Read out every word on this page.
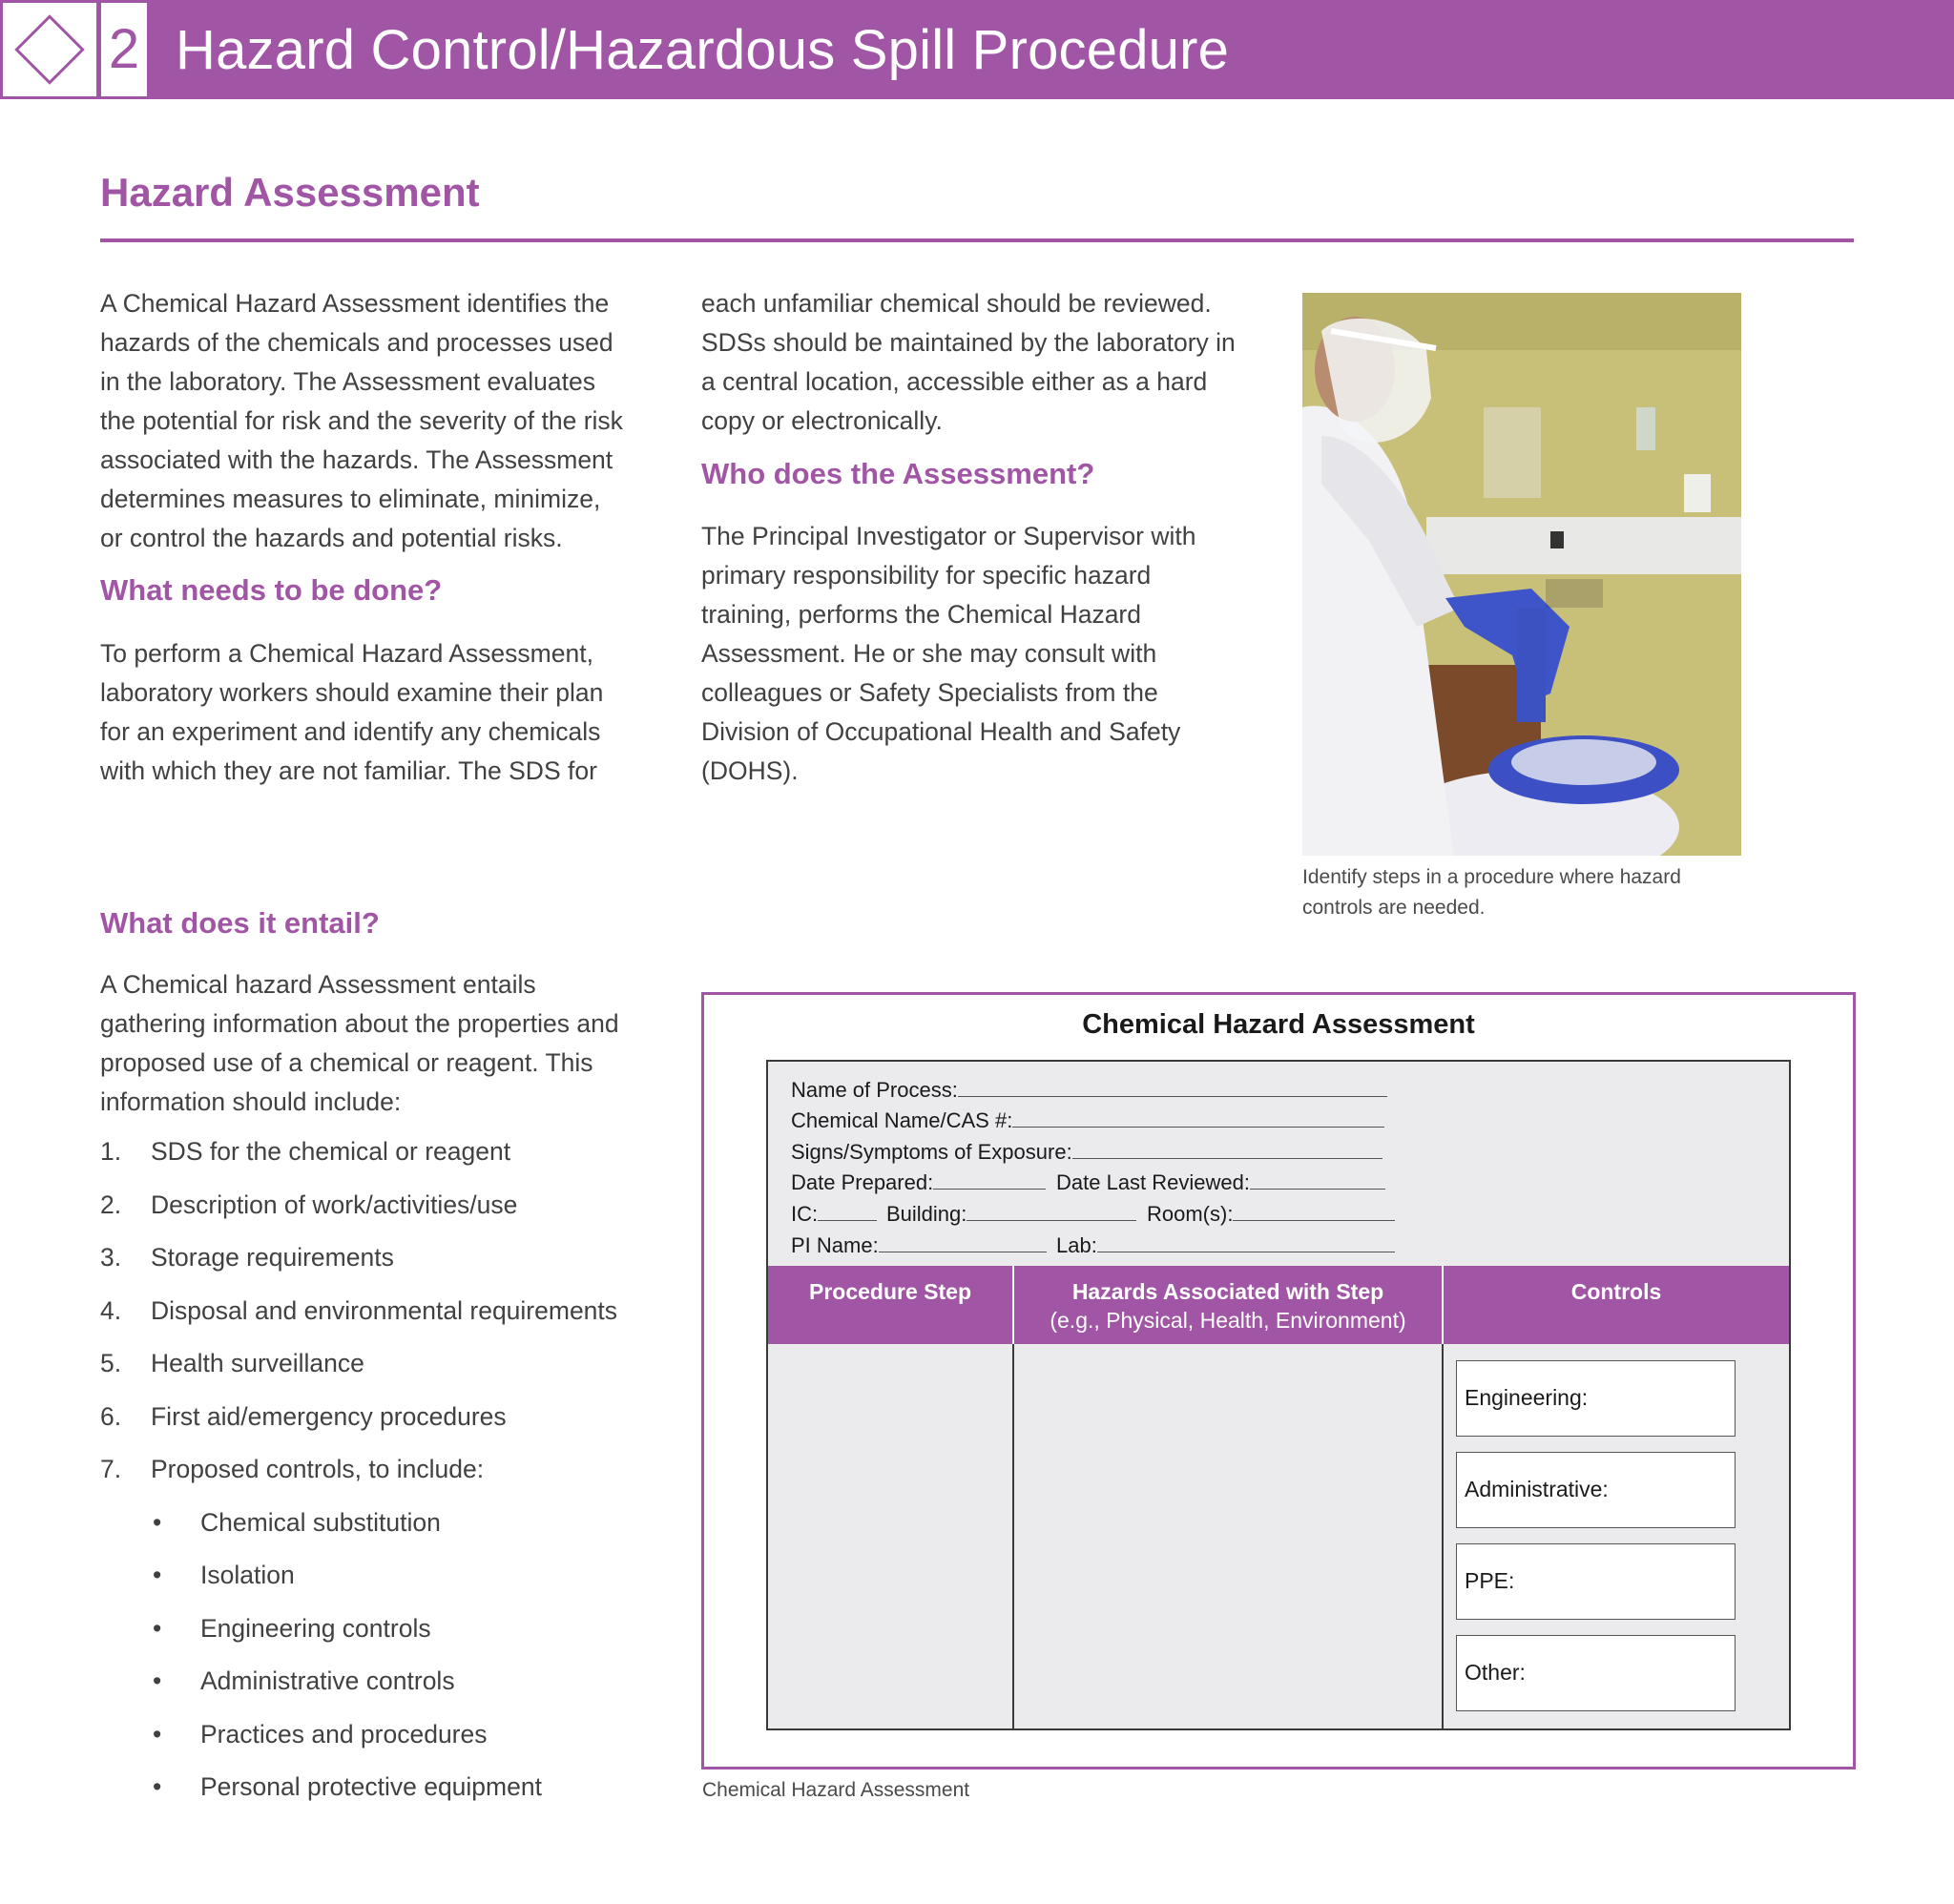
2 Hazard Control/Hazardous Spill Procedure
Hazard Assessment

A Chemical Hazard Assessment identifies the
hazards of the chemicals and processes used
in the laboratory. The Assessment evaluates
the potential for risk and the severity of the risk
associated with the hazards. The Assessment
determines measures to eliminate, minimize,
or control the hazards and potential risks.

What needs to be done?

To perform a Chemical Hazard Assessment,
laboratory workers should examine their plan
for an experiment and identify any chemicals
with which they are not familiar. The SDS for

What does it entail?

A Chemical hazard Assessment entails
gathering information about the properties and
proposed use of a chemical or reagent. This
information should include:

1.	SDS for the chemical or reagent
2.	Description of work/activities/use
3.	Storage requirements
4.	Disposal and environmental requirements
5.	Health surveillance
6.	First aid/emergency procedures
7.	Proposed controls, to include:
• Chemical substitution
• Isolation
• Engineering controls
• Administrative controls
• Practices and procedures
• Personal protective equipment

each unfamiliar chemical should be reviewed.
SDSs should be maintained by the laboratory in
a central location, accessible either as a hard
copy or electronically.

Who does the Assessment?

The Principal Investigator or Supervisor with
primary responsibility for specific hazard
training, performs the Chemical Hazard
Assessment. He or she may consult with
colleagues or Safety Specialists from the
Division of Occupational Health and Safety
(DOHS).

Identify steps in a procedure where hazard
controls are needed.

Chemical Hazard Assessment
Name of Process:
Chemical Name/CAS #:
Signs/Symptoms of Exposure:
Date Prepared:	Date Last Reviewed:
IC:	Building:	Room(s):
PI Name:	Lab:
Procedure Step	Hazards Associated with Step
(e.g., Physical, Health, Environment)
Controls
Engineering:
Administrative:
PPE:
Other:

Chemical Hazard Assessment
